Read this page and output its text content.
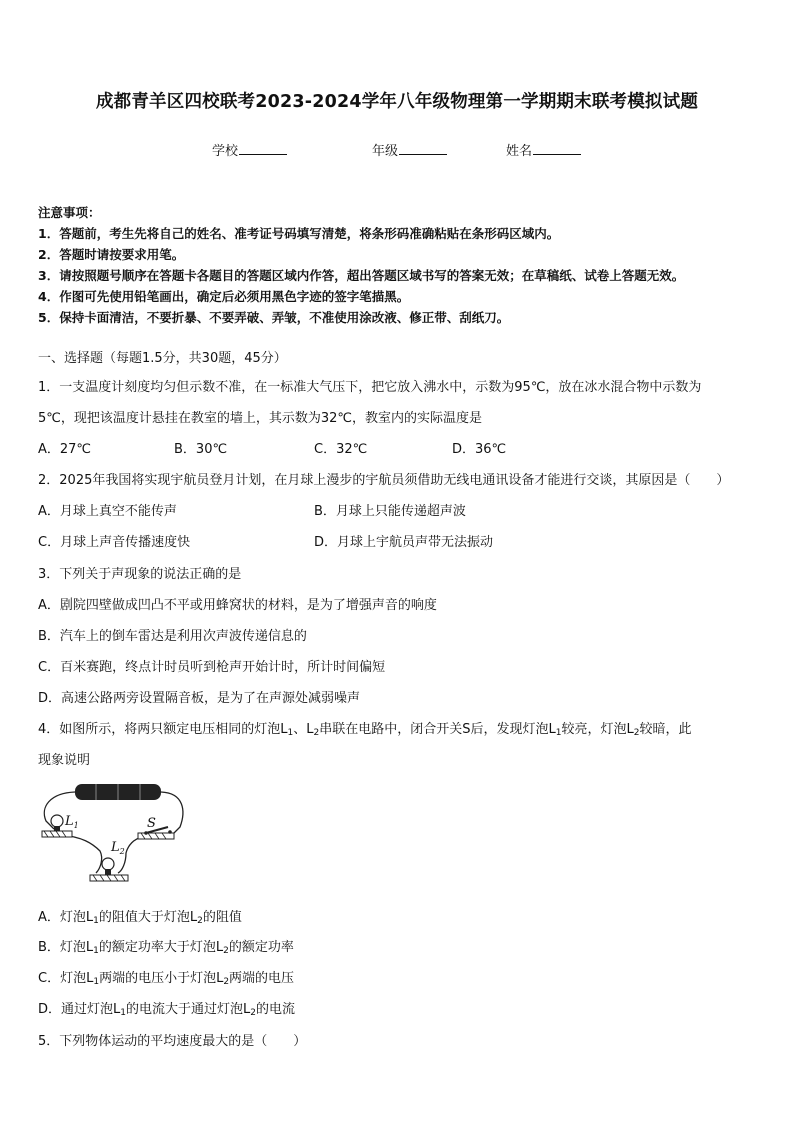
成都青羊区四校联考2023-2024学年八年级物理第一学期期末联考模拟试题
学校	年级	姓名
注意事项：
1．答题前，考生先将自己的姓名、准考证号码填写清楚，将条形码准确粘贴在条形码区域内。
2．答题时请按要求用笔。
3．请按照题号顺序在答题卡各题目的答题区域内作答，超出答题区域书写的答案无效；在草稿纸、试卷上答题无效。
4．作图可先使用铅笔画出，确定后必须用黑色字迹的签字笔描黑。
5．保持卡面清洁，不要折暴、不要弄破、弄皱，不准使用涂改液、修正带、刮纸刀。
一、选择题（每题1.5分，共30题，45分）
1．一支温度计刻度均匀但示数不准，在一标准大气压下，把它放入沸水中，示数为95℃，放在冰水混合物中示数为
5℃，现把该温度计悬挂在教室的墙上，其示数为32℃，教室内的实际温度是
A．27℃	B．30℃	C．32℃	D．36℃
2．2025年我国将实现宇航员登月计划，在月球上漫步的宇航员须借助无线电通讯设备才能进行交谈，其原因是（　　）
A．月球上真空不能传声	B．月球上只能传递超声波
C．月球上声音传播速度快	D．月球上宇航员声带无法振动
3．下列关于声现象的说法正确的是
A．剧院四壁做成凹凸不平或用蜂窝状的材料，是为了增强声音的响度
B．汽车上的倒车雷达是利用次声波传递信息的
C．百米赛跑，终点计时员听到枪声开始计时，所计时间偏短
D．高速公路两旁设置隔音板，是为了在声源处减弱噪声
4．如图所示，将两只额定电压相同的灯泡$L_1$、$L_2$串联在电路中，闭合开关S后，发现灯泡$L_1$较亮，灯泡$L_2$较暗，此
现象说明
$L_1$
$L_2$
S
A．灯泡$L_1$的阻值大于灯泡$L_2$的阻值
B．灯泡$L_1$的额定功率大于灯泡$L_2$的额定功率
C．灯泡$L_1$两端的电压小于灯泡$L_2$两端的电压
D．通过灯泡$L_1$的电流大于通过灯泡$L_2$的电流
5．下列物体运动的平均速度最大的是（　　）
